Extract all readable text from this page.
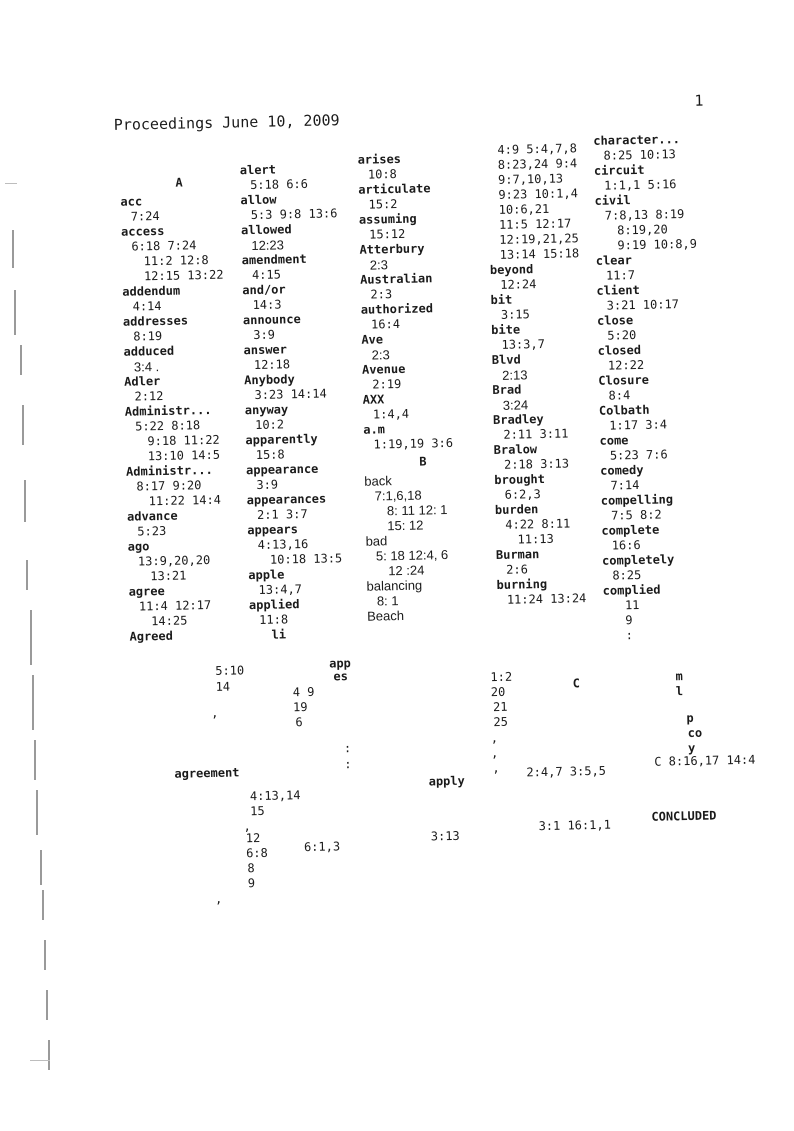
1
Proceedings June 10, 2009
A
acc
7:24
access
6:18 7:24
11:2 12:8
12:15 13:22
addendum
4:14
addresses
8:19
adduced
3:4 .
Adler
2:12
Administr...
5:22 8:18
9:18 11:22
13:10 14:5
Administr...
8:17 9:20
11:22 14:4
advance
5:23
ago
13:9,20,20
13:21
agree
11:4 12:17
14:25
Agreed
alert
5:18 6:6
allow
5:3 9:8 13:6
allowed
12:23
amendment
4:15
and/or
14:3
announce
3:9
answer
12:18
Anybody
3:23 14:14
anyway
10:2
apparently
15:8
appearance
3:9
appearances
2:1 3:7
appears
4:13,16
10:18 13:5
apple
13:4,7
applied
11:8
li
arises
10:8
articulate
15:2
assuming
15:12
Atterbury
2:3
Australian
2:3
authorized
16:4
Ave
2:3
Avenue
2:19
AXX
1:4,4
a.m
1:19,19 3:6
B
back
7:1,6,18
8: 11 12: 1
15: 12
bad
5: 18 12:4, 6
12 :24
balancing
8: 1
Beach
4:9 5:4,7,8
8:23,24 9:4
9:7,10,13
9:23 10:1,4
10:6,21
11:5 12:17
12:19,21,25
13:14 15:18
beyond
12:24
bit
3:15
bite
13:3,7
Blvd
2:13
Brad
3:24
Bradley
2:11 3:11
Bralow
2:18 3:13
brought
6:2,3
burden
4:22 8:11
11:13
Burman
2:6
burning
11:24 13:24
character...
8:25 10:13
circuit
1:1,1 5:16
civil
7:8,13 8:19
8:19,20
9:19 10:8,9
clear
11:7
client
3:21 10:17
close
5:20
closed
12:22
Closure
8:4
Colbath
1:17 3:4
come
5:23 7:6
comedy
7:14
compelling
7:5 8:2
complete
16:6
completely
8:25
complied
11
9
:
5:10
14
,
app
es
4 9
19
6
:
:
agreement
4:13,14
15
,
12
6:8	6:1,3
8
9
,
apply
3:13
1:2
20
21
25
,
,
,
C
2:4,7 3:5,5
3:1 16:1,1
m
l
p
co
y
C 8:16,17 14:4
CONCLUDED
